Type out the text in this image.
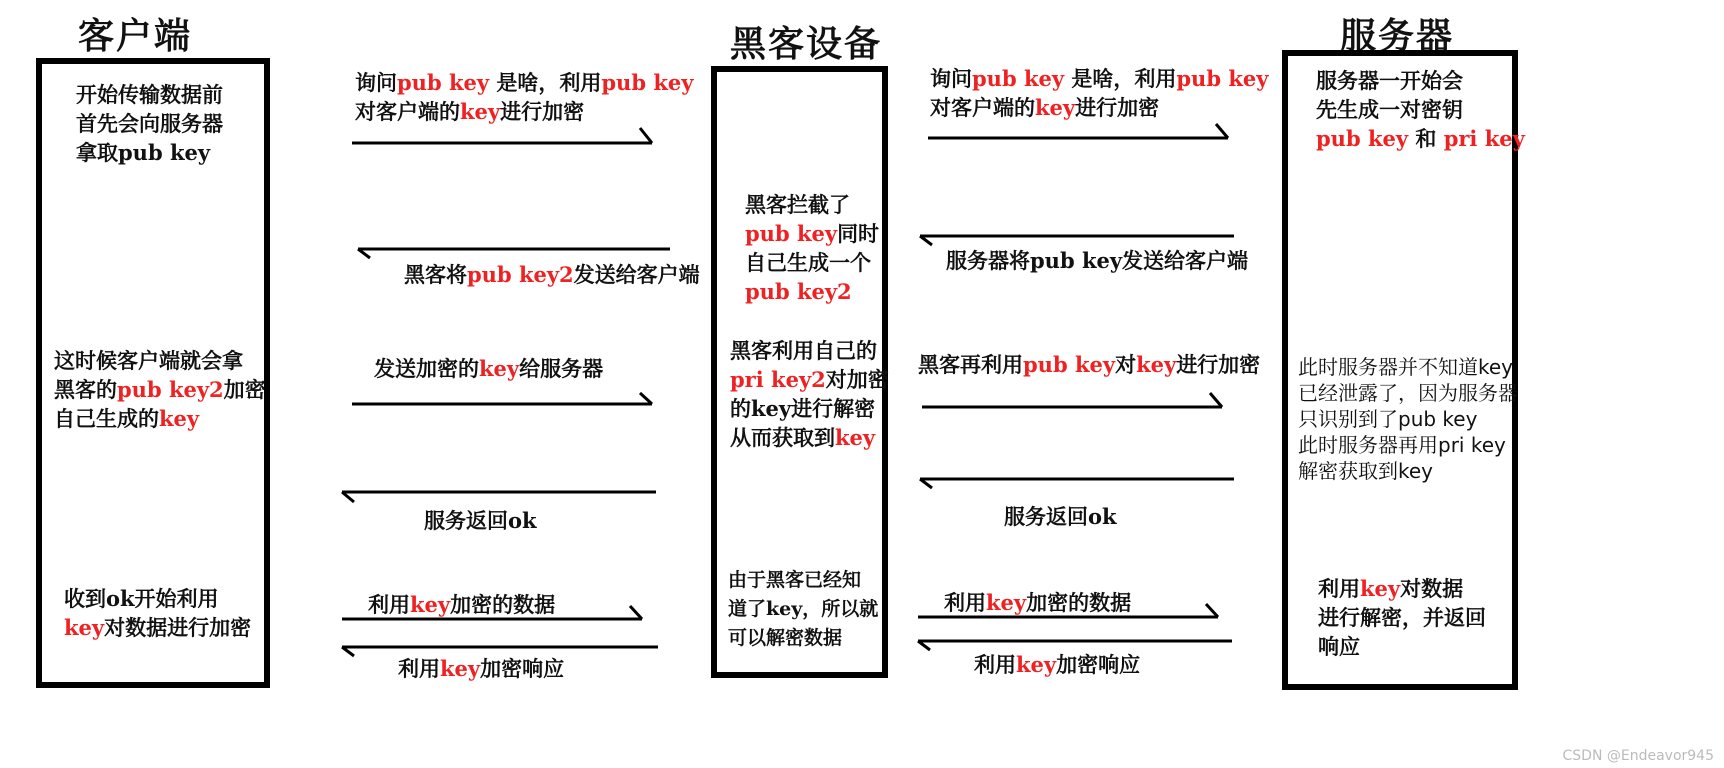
客户端	黑客设备	服务器
开始传输数据前
首先会向服务器
拿取pub key
这时候客户端就会拿
黑客的pub key2加密
自己生成的key
收到ok开始利用
key对数据进行加密
询问pub key 是啥，利用pub key
对客户端的key进行加密
黑客将pub key2发送给客户端
发送加密的key给服务器
服务返回ok
利用key加密的数据
利用key加密响应
黑客拦截了
pub key同时
自己生成一个
pub key2
黑客利用自己的
pri key2对加密
的key进行解密
从而获取到key
由于黑客已经知
道了key，所以就
可以解密数据
询问pub key 是啥，利用pub key
对客户端的key进行加密
服务器将pub key发送给客户端
黑客再利用pub key对key进行加密
服务返回ok
利用key加密的数据
利用key加密响应
服务器一开始会
先生成一对密钥
pub key 和 pri key
此时服务器并不知道key
已经泄露了，因为服务器
只识别到了pub key
此时服务器再用pri key
解密获取到key
利用key对数据
进行解密，并返回
响应
CSDN @Endeavor945
